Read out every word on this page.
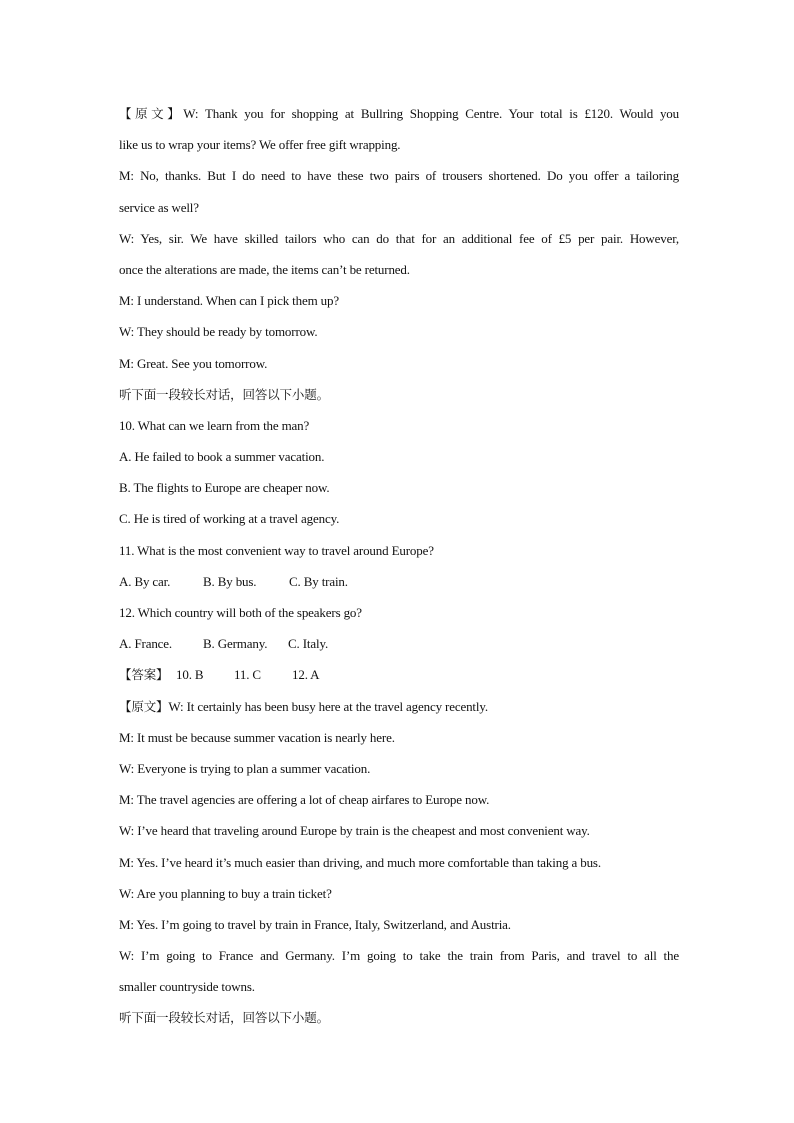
【原文】W: Thank you for shopping at Bullring Shopping Centre. Your total is £120. Would you
like us to wrap your items? We offer free gift wrapping.
M: No, thanks. But I do need to have these two pairs of trousers shortened. Do you offer a tailoring
service as well?
W: Yes, sir. We have skilled tailors who can do that for an additional fee of £5 per pair. However,
once the alterations are made, the items can’t be returned.
M: I understand. When can I pick them up?
W: They should be ready by tomorrow.
M: Great. See you tomorrow.
听下面一段较长对话，回答以下小题。
10. What can we learn from the man?
A. He failed to book a summer vacation.
B. The flights to Europe are cheaper now.
C. He is tired of working at a travel agency.
11. What is the most convenient way to travel around Europe?
A. By car.	B. By bus.	C. By train.
12. Which country will both of the speakers go?
A. France. B. Germany. C. Italy.
【答案】 10. B 11. C 12. A
【原文】W: It certainly has been busy here at the travel agency recently.
M: It must be because summer vacation is nearly here.
W: Everyone is trying to plan a summer vacation.
M: The travel agencies are offering a lot of cheap airfares to Europe now.
W: I’ve heard that traveling around Europe by train is the cheapest and most convenient way.
M: Yes. I’ve heard it’s much easier than driving, and much more comfortable than taking a bus.
W: Are you planning to buy a train ticket?
M: Yes. I’m going to travel by train in France, Italy, Switzerland, and Austria.
W: I’m going to France and Germany. I’m going to take the train from Paris, and travel to all the
smaller countryside towns.
听下面一段较长对话，回答以下小题。
